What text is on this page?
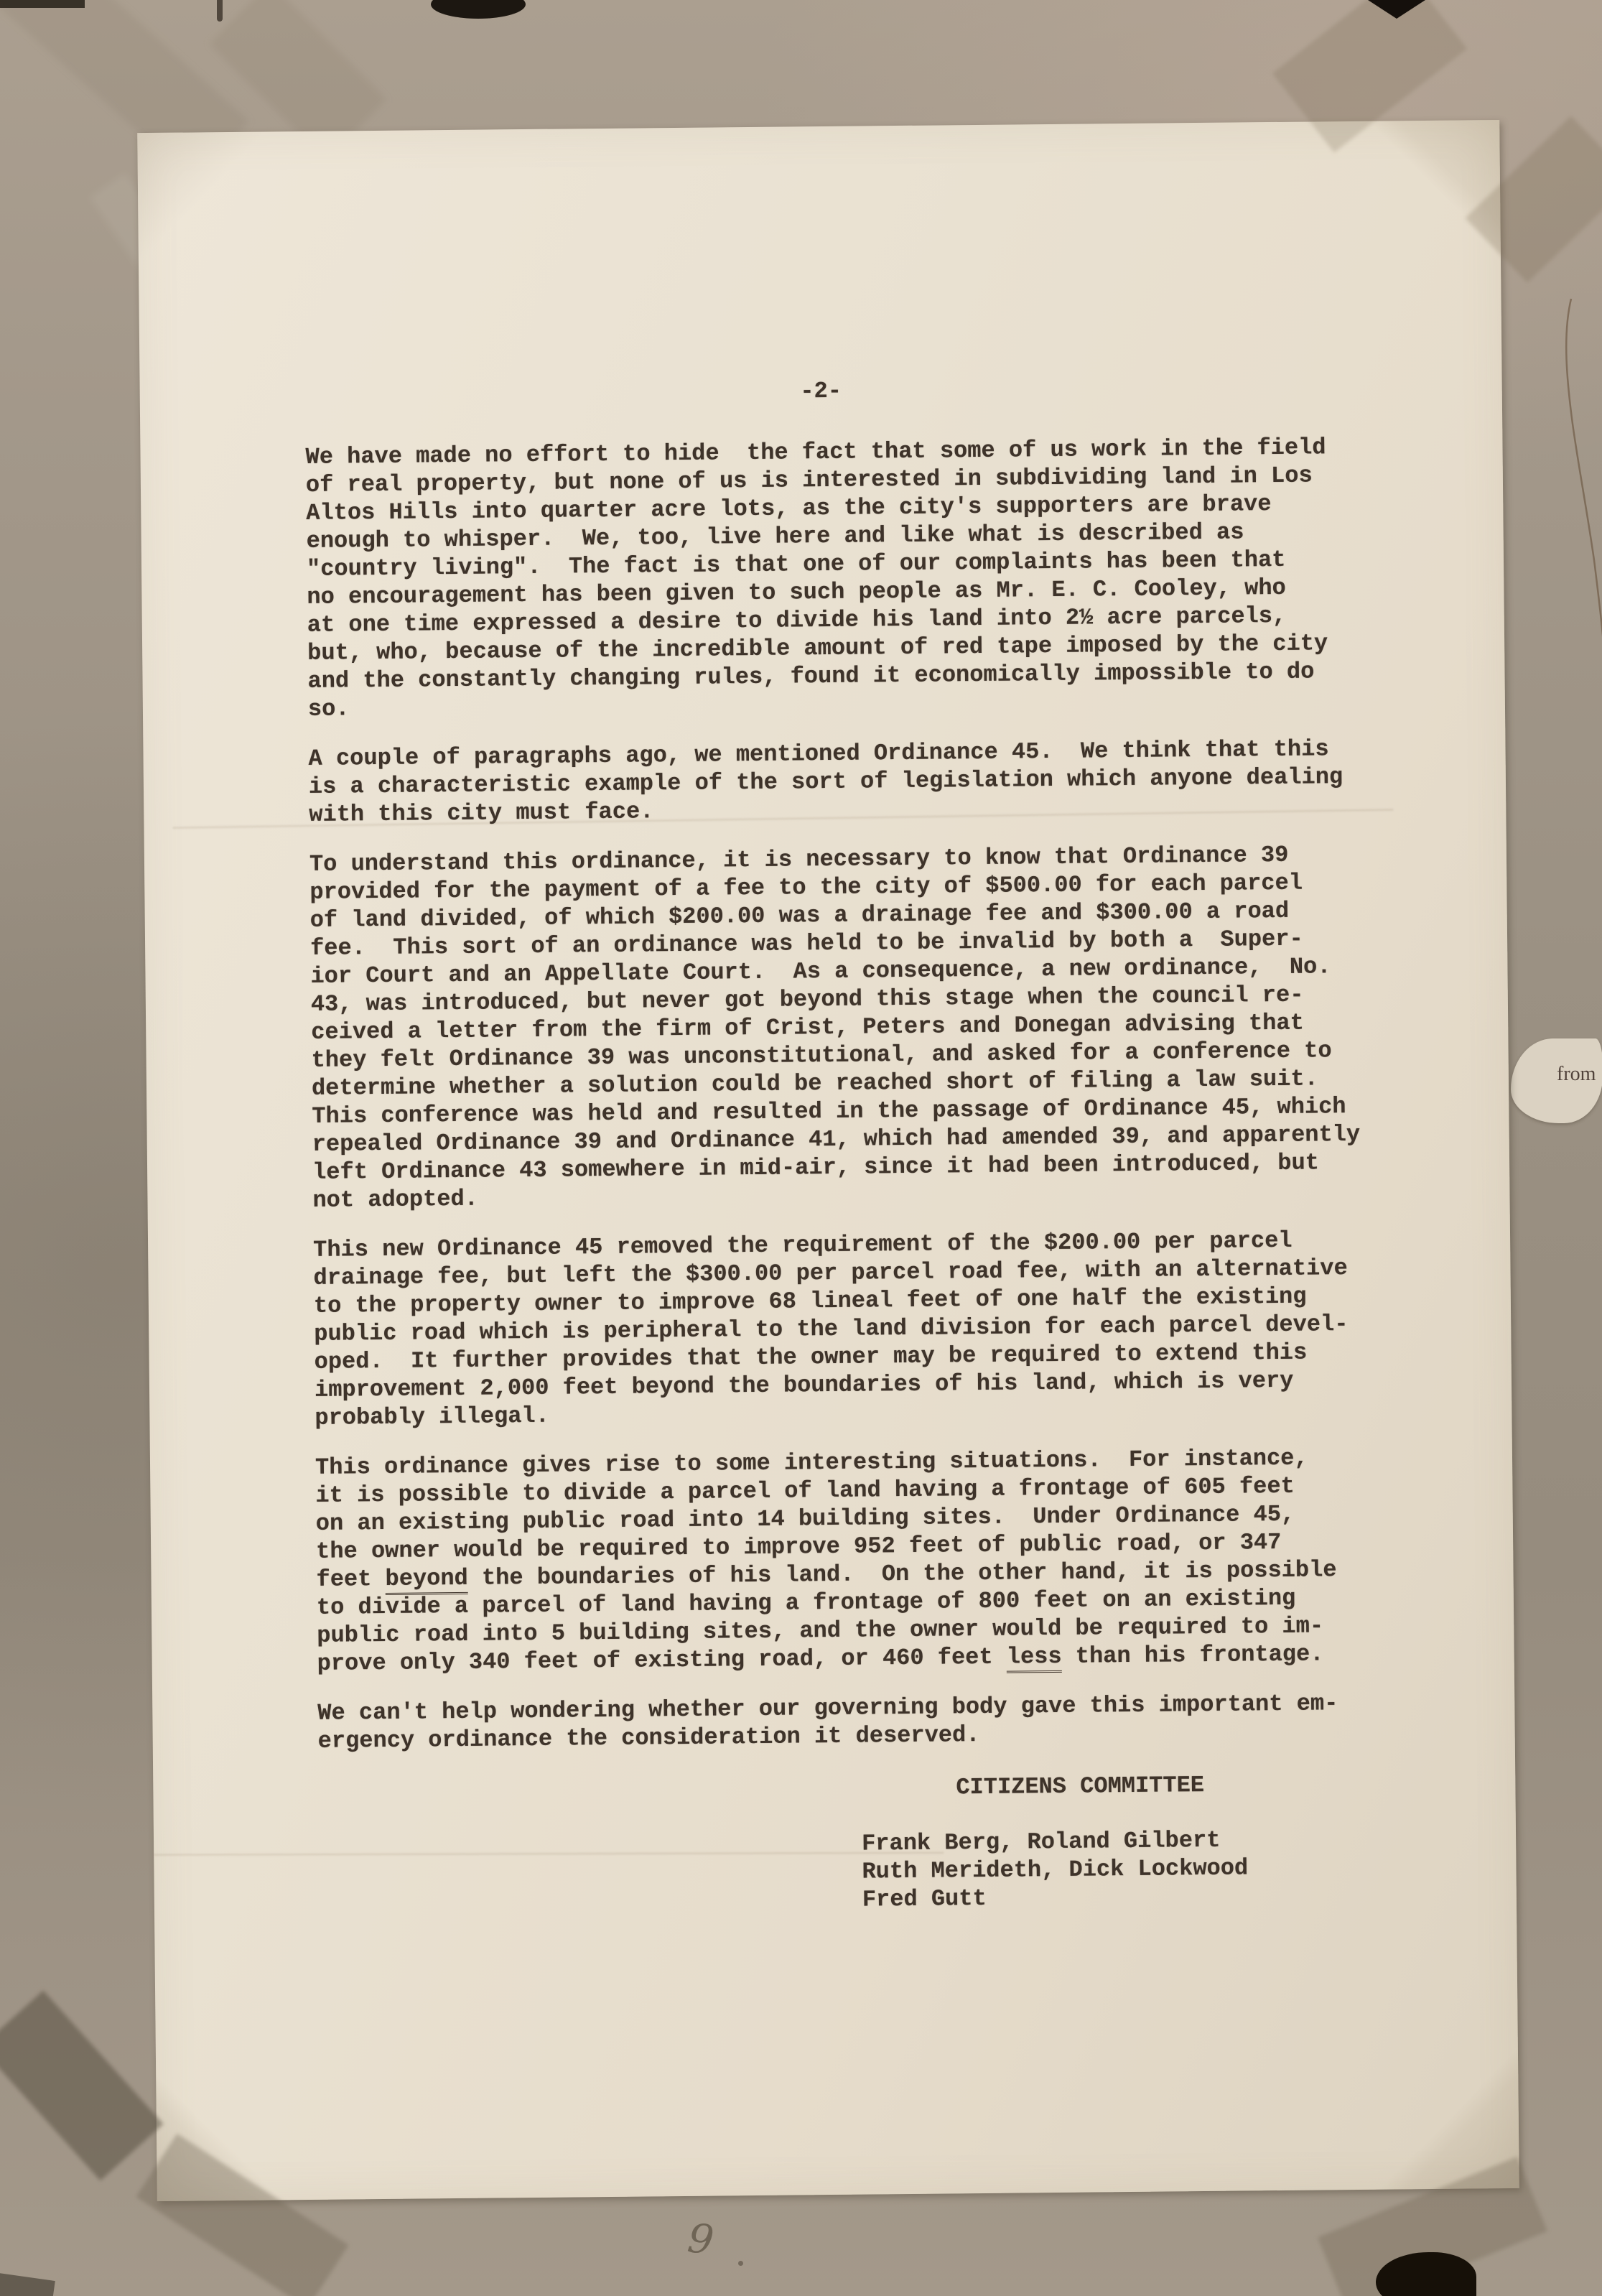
from
-2-
We have made no effort to hide  the fact that some of us work in the field
of real property, but none of us is interested in subdividing land in Los
Altos Hills into quarter acre lots, as the city's supporters are brave
enough to whisper.  We, too, live here and like what is described as
"country living".  The fact is that one of our complaints has been that
no encouragement has been given to such people as Mr. E. C. Cooley, who
at one time expressed a desire to divide his land into 2½ acre parcels,
but, who, because of the incredible amount of red tape imposed by the city
and the constantly changing rules, found it economically impossible to do
so.
A couple of paragraphs ago, we mentioned Ordinance 45.  We think that this
is a characteristic example of the sort of legislation which anyone dealing
with this city must face.
To understand this ordinance, it is necessary to know that Ordinance 39
provided for the payment of a fee to the city of $500.00 for each parcel
of land divided, of which $200.00 was a drainage fee and $300.00 a road
fee.  This sort of an ordinance was held to be invalid by both a  Super-
ior Court and an Appellate Court.  As a consequence, a new ordinance,  No.
43, was introduced, but never got beyond this stage when the council re-
ceived a letter from the firm of Crist, Peters and Donegan advising that
they felt Ordinance 39 was unconstitutional, and asked for a conference to
determine whether a solution could be reached short of filing a law suit.
This conference was held and resulted in the passage of Ordinance 45, which
repealed Ordinance 39 and Ordinance 41, which had amended 39, and apparently
left Ordinance 43 somewhere in mid-air, since it had been introduced, but
not adopted.
This new Ordinance 45 removed the requirement of the $200.00 per parcel
drainage fee, but left the $300.00 per parcel road fee, with an alternative
to the property owner to improve 68 lineal feet of one half the existing
public road which is peripheral to the land division for each parcel devel-
oped.  It further provides that the owner may be required to extend this
improvement 2,000 feet beyond the boundaries of his land, which is very
probably illegal.
This ordinance gives rise to some interesting situations.  For instance,
it is possible to divide a parcel of land having a frontage of 605 feet
on an existing public road into 14 building sites.  Under Ordinance 45,
the owner would be required to improve 952 feet of public road, or 347
feet beyond the boundaries of his land.  On the other hand, it is possible
to divide a parcel of land having a frontage of 800 feet on an existing
public road into 5 building sites, and the owner would be required to im-
prove only 340 feet of existing road, or 460 feet less than his frontage.
We can't help wondering whether our governing body gave this important em-
ergency ordinance the consideration it deserved.
CITIZENS COMMITTEE
Frank Berg, Roland Gilbert
Ruth Merideth, Dick Lockwood
Fred Gutt
9
